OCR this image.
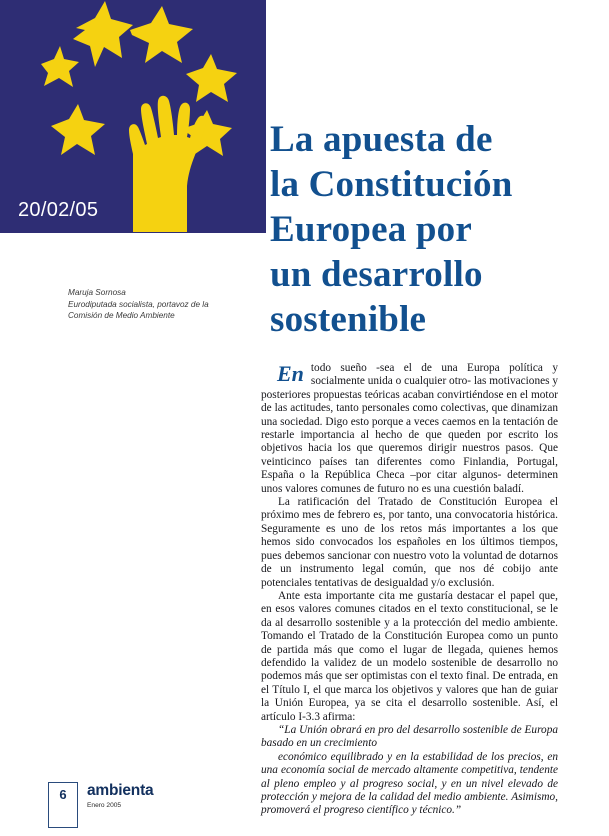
20/02/05
La apuesta de
la Constitución
Europea por
un desarrollo
sostenible
Maruja Sornosa
Eurodiputada socialista, portavoz de la
Comisión de Medio Ambiente

En todo sueño -sea el de una Europa política y socialmente unida o cualquier otro- las motivaciones y posteriores propuestas teóricas acaban convirtiéndose en el motor de las actitudes, tanto personales como colectivas, que dinamizan una sociedad. Digo esto porque a veces caemos en la tentación de restarle importancia al hecho de que queden por escrito los objetivos hacia los que queremos dirigir nuestros pasos. Que veinticinco países tan diferentes como Finlandia, Portugal, España o la República Checa –por citar algunos- determinen unos valores comunes de futuro no es una cuestión baladí.

La ratificación del Tratado de Constitución Europea el próximo mes de febrero es, por tanto, una convocatoria histórica. Seguramente es uno de los retos más importantes a los que hemos sido convocados los españoles en los últimos tiempos, pues debemos sancionar con nuestro voto la voluntad de dotarnos de un instrumento legal común, que nos dé cobijo ante potenciales tentativas de desigualdad y/o exclusión.

Ante esta importante cita me gustaría destacar el papel que, en esos valores comunes citados en el texto constitucional, se le da al desarrollo sostenible y a la protección del medio ambiente. Tomando el Tratado de la Constitución Europea como un punto de partida más que como el lugar de llegada, quienes hemos defendido la validez de un modelo sostenible de desarrollo no podemos más que ser optimistas con el texto final. De entrada, en el Título I, el que marca los objetivos y valores que han de guiar la Unión Europea, ya se cita el desarrollo sostenible. Así, el artículo I-3.3 afirma:

“La Unión obrará en pro del desarrollo sostenible de Europa basado en un crecimiento

económico equilibrado y en la estabilidad de los precios, en una economía social de mercado altamente competitiva, tendente al pleno empleo y al progreso social, y en un nivel elevado de protección y mejora de la calidad del medio ambiente. Asimismo, promoverá el progreso científico y técnico.”

6 ambienta
Enero 2005
